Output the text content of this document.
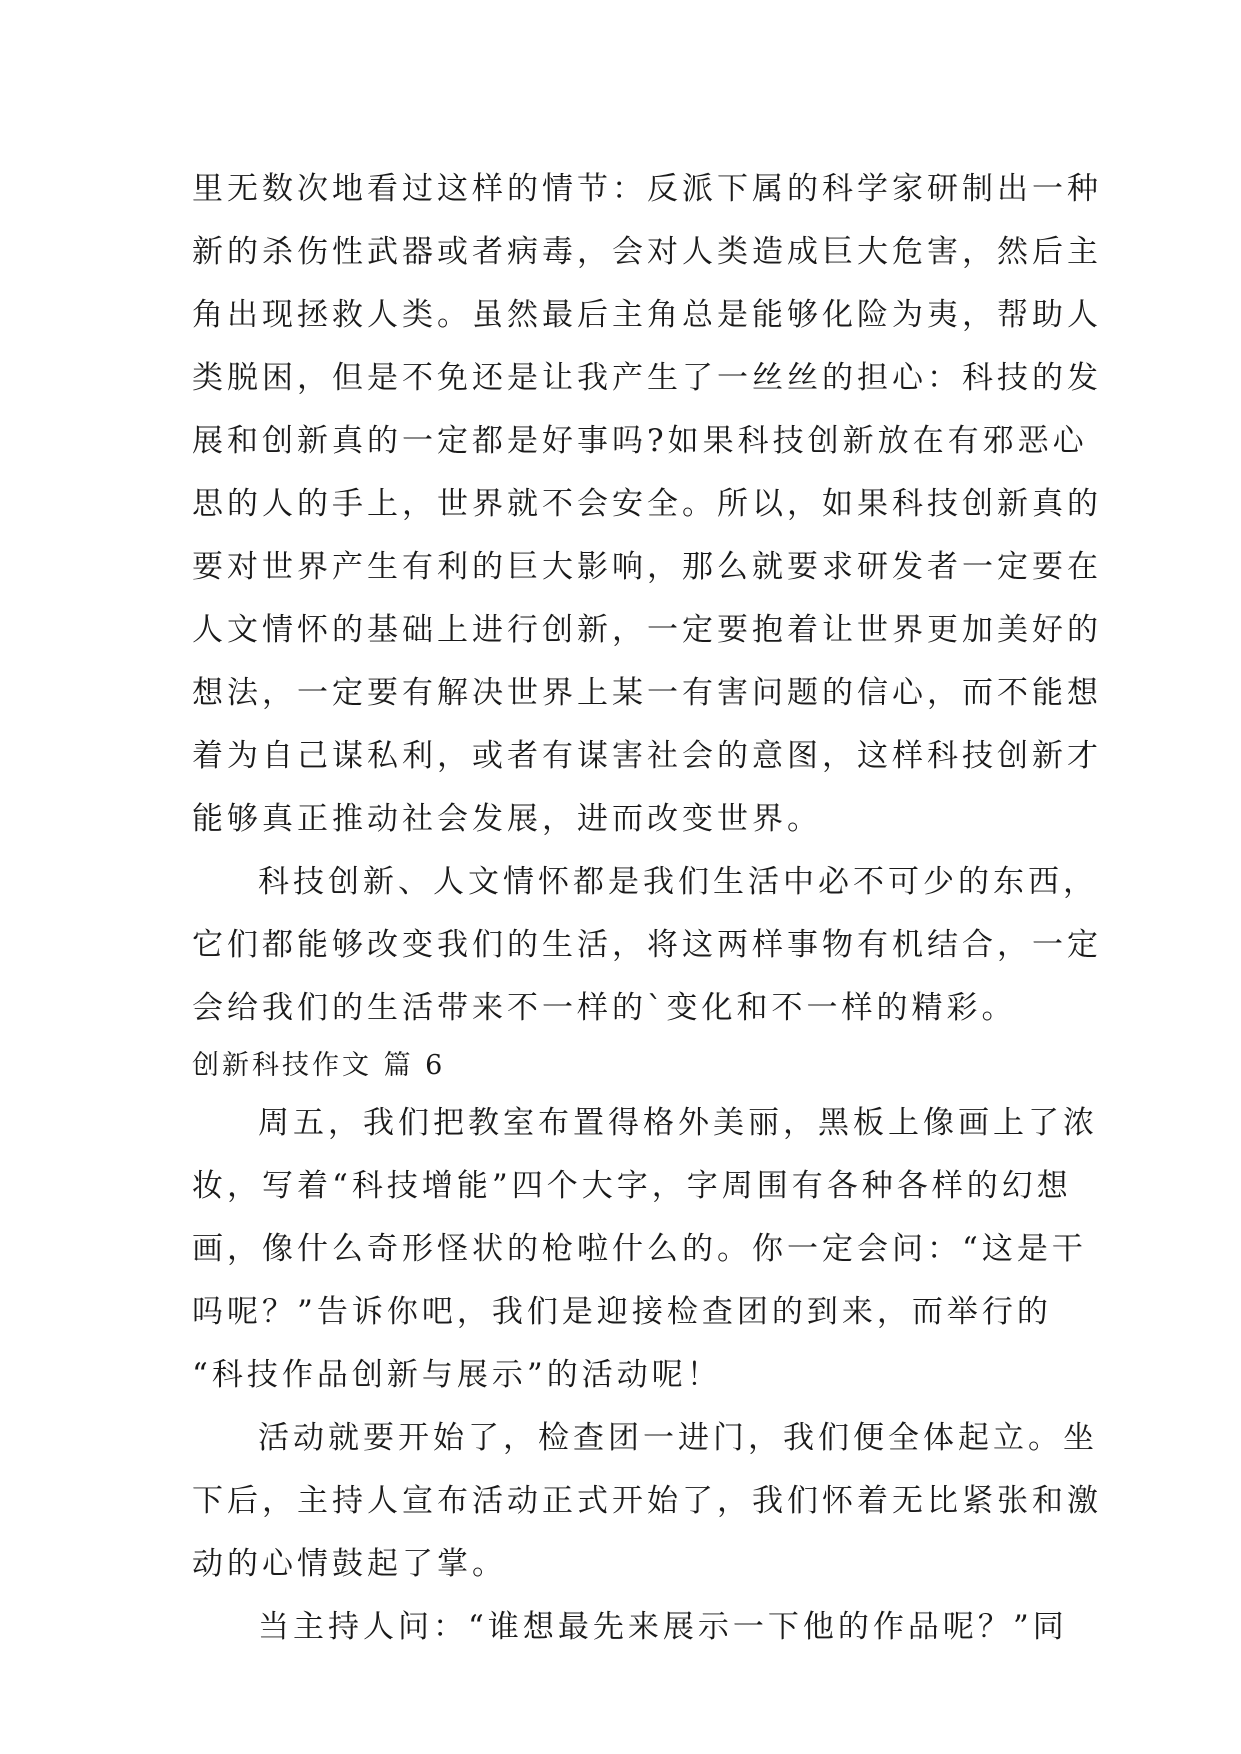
里无数次地看过这样的情节：反派下属的科学家研制出一种
新的杀伤性武器或者病毒，会对人类造成巨大危害，然后主
角出现拯救人类。虽然最后主角总是能够化险为夷，帮助人
类脱困，但是不免还是让我产生了一丝丝的担心：科技的发
展和创新真的一定都是好事吗?如果科技创新放在有邪恶心
思的人的手上，世界就不会安全。所以，如果科技创新真的
要对世界产生有利的巨大影响，那么就要求研发者一定要在
人文情怀的基础上进行创新，一定要抱着让世界更加美好的
想法，一定要有解决世界上某一有害问题的信心，而不能想
着为自己谋私利，或者有谋害社会的意图，这样科技创新才
能够真正推动社会发展，进而改变世界。
科技创新、人文情怀都是我们生活中必不可少的东西，
它们都能够改变我们的生活，将这两样事物有机结合，一定
会给我们的生活带来不一样的`变化和不一样的精彩。
创新科技作文 篇 6
周五，我们把教室布置得格外美丽，黑板上像画上了浓
妆，写着“科技增能”四个大字，字周围有各种各样的幻想
画，像什么奇形怪状的枪啦什么的。你一定会问：“这是干
吗呢？”告诉你吧，我们是迎接检查团的到来，而举行的
“科技作品创新与展示”的活动呢！
活动就要开始了，检查团一进门，我们便全体起立。坐
下后，主持人宣布活动正式开始了，我们怀着无比紧张和激
动的心情鼓起了掌。
当主持人问：“谁想最先来展示一下他的作品呢？”同
